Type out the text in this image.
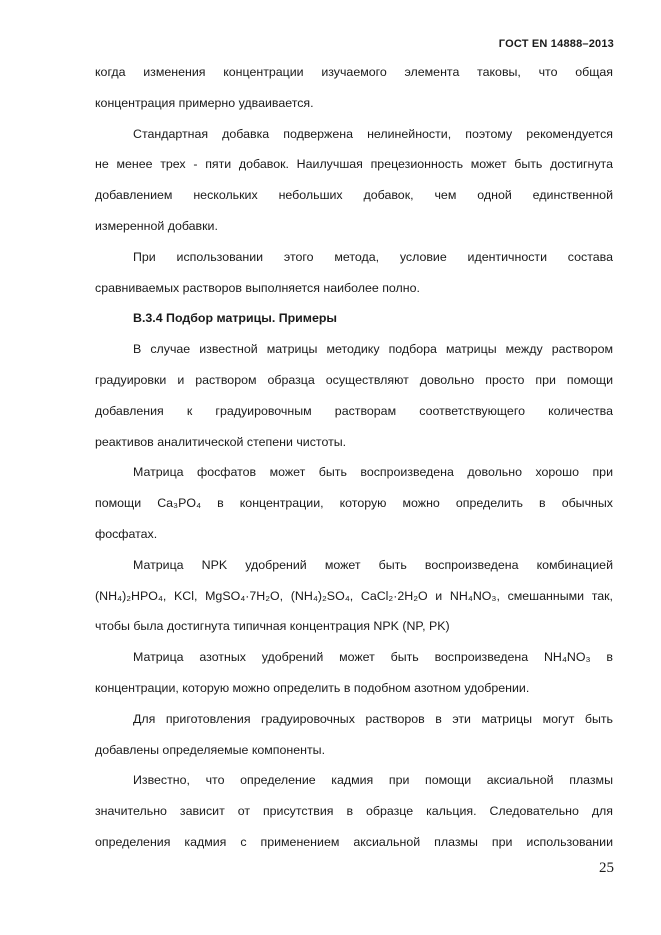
ГОСТ EN 14888–2013
когда изменения концентрации изучаемого элемента таковы, что общая
концентрация примерно удваивается.
Стандартная добавка подвержена нелинейности, поэтому рекомендуется
не менее трех - пяти добавок. Наилучшая прецезионность может быть достигнута
добавлением нескольких небольших добавок, чем одной единственной
измеренной добавки.
При использовании этого метода, условие идентичности состава
сравниваемых растворов выполняется наиболее полно.
В.3.4 Подбор матрицы. Примеры
В случае известной матрицы методику подбора матрицы между раствором
градуировки и раствором образца осуществляют довольно просто при помощи
добавления к градуировочным растворам соответствующего количества
реактивов аналитической степени чистоты.
Матрица фосфатов может быть воспроизведена довольно хорошо при
помощи Ca₃PO₄ в концентрации, которую можно определить в обычных
фосфатах.
Матрица NPK удобрений может быть воспроизведена комбинацией
(NH₄)₂HPO₄, KCl, MgSO₄·7H₂O, (NH₄)₂SO₄, CaCl₂·2H₂O и NH₄NO₃, смешанными так,
чтобы была достигнута типичная концентрация NPK (NP, PK)
Матрица азотных удобрений может быть воспроизведена NH₄NO₃ в
концентрации, которую можно определить в подобном азотном удобрении.
Для приготовления градуировочных растворов в эти матрицы могут быть
добавлены определяемые компоненты.
Известно, что определение кадмия при помощи аксиальной плазмы
значительно зависит от присутствия в образце кальция. Следовательно для
определения кадмия с применением аксиальной плазмы при использовании
25
